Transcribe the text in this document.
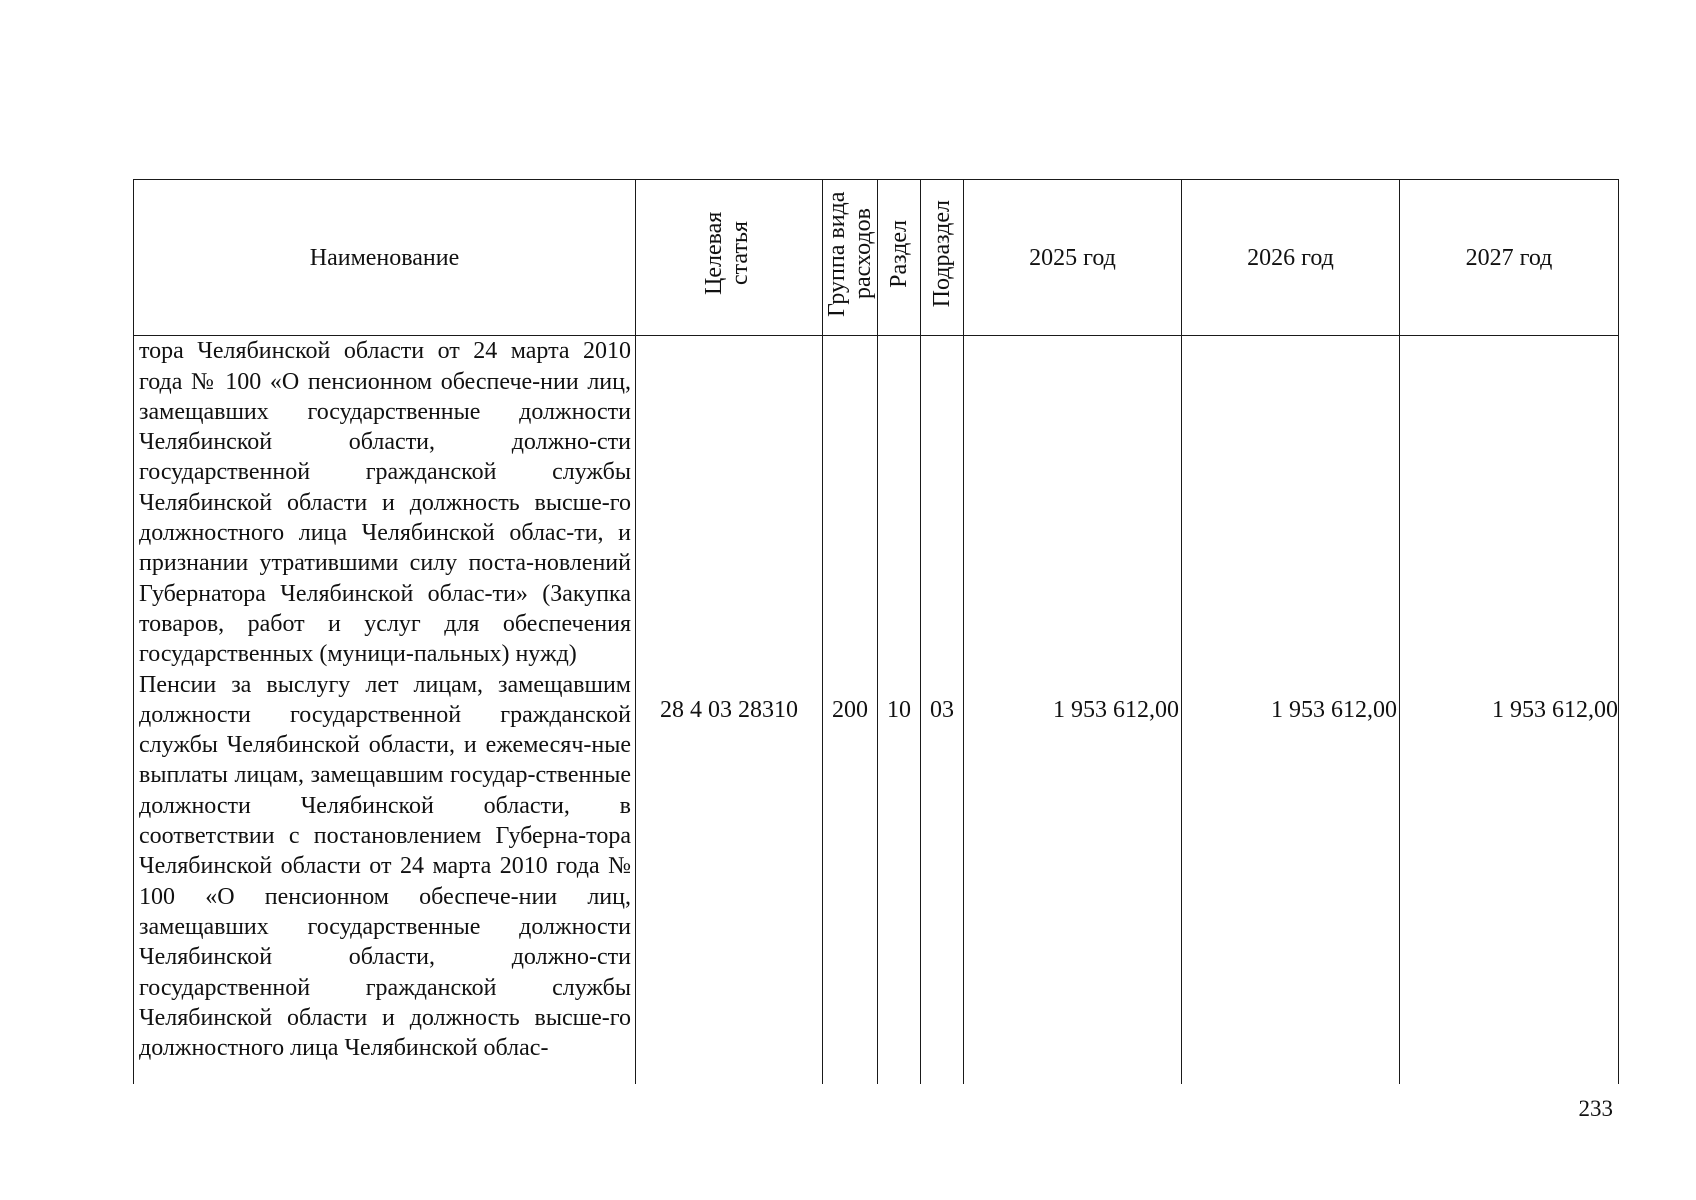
Наименование	Целевая статья	Группа вида расходов	Раздел	Подраздел	2025 год	2026 год	2027 год

тора Челябинской области от 24 марта 2010 года № 100 «О пенсионном обеспече-нии лиц, замещавших государственные должности Челябинской области, должно-сти государственной гражданской службы Челябинской области и должность высше-го должностного лица Челябинской облас-ти, и признании утратившими силу поста-новлений Губернатора Челябинской облас-ти» (Закупка товаров, работ и услуг для обеспечения государственных (муници-пальных) нужд)

Пенсии за выслугу лет лицам, замещавшим должности государственной гражданской службы Челябинской области, и ежемесяч-ные выплаты лицам, замещавшим государ-ственные должности Челябинской области, в соответствии с постановлением Губерна-тора Челябинской области от 24 марта 2010 года № 100 «О пенсионном обеспече-нии лиц, замещавших государственные должности Челябинской области, должно-сти государственной гражданской службы Челябинской области и должность высше-го должностного лица Челябинской облас-	28 4 03 28310	200	10	03	1 953 612,00	1 953 612,00	1 953 612,00
233
